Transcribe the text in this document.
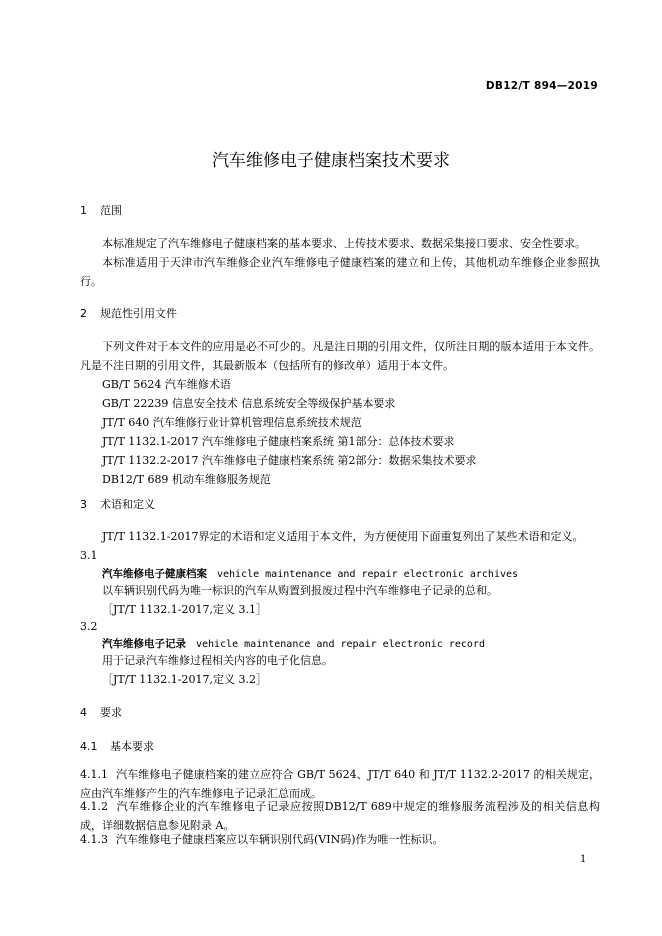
DB12/T 894—2019
汽车维修电子健康档案技术要求
1 范围
本标准规定了汽车维修电子健康档案的基本要求、上传技术要求、数据采集接口要求、安全性要求。
本标准适用于天津市汽车维修企业汽车维修电子健康档案的建立和上传，其他机动车维修企业参照执行。
2 规范性引用文件
下列文件对于本文件的应用是必不可少的。凡是注日期的引用文件，仅所注日期的版本适用于本文件。凡是不注日期的引用文件，其最新版本（包括所有的修改单）适用于本文件。
GB/T 5624 汽车维修术语
GB/T 22239 信息安全技术 信息系统安全等级保护基本要求
JT/T 640 汽车维修行业计算机管理信息系统技术规范
JT/T 1132.1-2017 汽车维修电子健康档案系统 第1部分：总体技术要求
JT/T 1132.2-2017 汽车维修电子健康档案系统 第2部分：数据采集技术要求
DB12/T 689 机动车维修服务规范
3 术语和定义
JT/T 1132.1-2017界定的术语和定义适用于本文件，为方便使用下面重复列出了某些术语和定义。
3.1
汽车维修电子健康档案 vehicle maintenance and repair electronic archives
以车辆识别代码为唯一标识的汽车从购置到报废过程中汽车维修电子记录的总和。
［JT/T 1132.1-2017,定义 3.1］
3.2
汽车维修电子记录 vehicle maintenance and repair electronic record
用于记录汽车维修过程相关内容的电子化信息。
［JT/T 1132.1-2017,定义 3.2］
4 要求
4.1 基本要求
4.1.1 汽车维修电子健康档案的建立应符合 GB/T 5624、JT/T 640 和 JT/T 1132.2-2017 的相关规定，应由汽车维修产生的汽车维修电子记录汇总而成。
4.1.2 汽车维修企业的汽车维修电子记录应按照DB12/T 689中规定的维修服务流程涉及的相关信息构成，详细数据信息参见附录 A。
4.1.3 汽车维修电子健康档案应以车辆识别代码(VIN码)作为唯一性标识。
1
